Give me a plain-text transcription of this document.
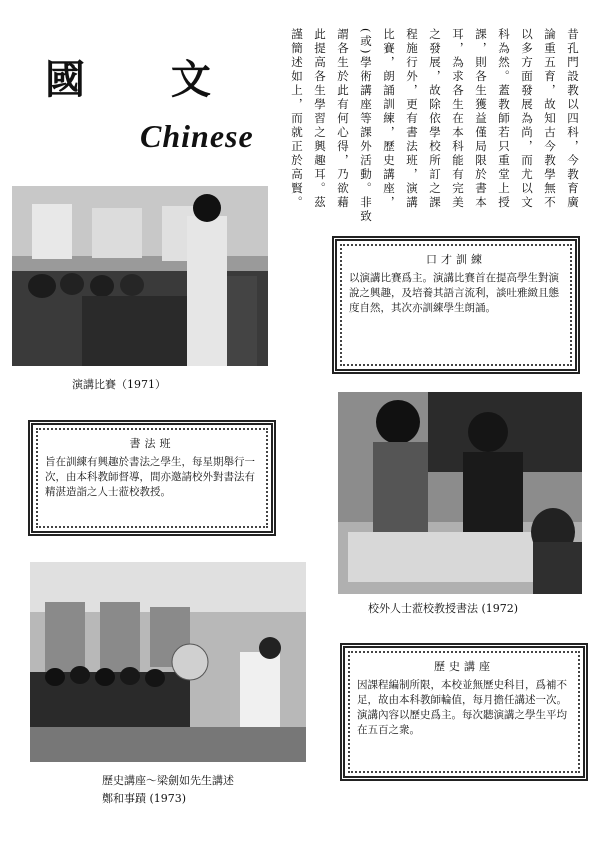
國 文
Chinese	昔孔門設教以四科，今教育廣
論重五育，故知古今教學無不
以多方面發展為尚，而尤以文
科為然。蓋教師若只重堂上授
課，則各生獲益僅局限於書本
耳，為求各生在本科能有完美
之發展，故除依學校所訂之課
程施行外，更有書法班，演講
比賽，朗誦訓練，歷史講座，
(或)學術講座等課外活動。非致
謂各生於此有何心得，乃欲藉
此提高各生學習之興趣耳。茲
謹簡述如上，而就正於高賢。
演講比賽（1971）
口才訓練
以演講比賽爲主。演講比賽首在提高學生對演說之興趣，及培養其語言流利，談吐雅緻且態度自然，其次亦訓練學生朗誦。
書法班
旨在訓練有興趣於書法之學生，每星期舉行一次，由本科教師督導，間亦邀請校外對書法有精湛造詣之人士蒞校教授。
校外人士蒞校教授書法 (1972)
歷史講座～梁劍如先生講述
鄭和事蹟 (1973)
歷史講座
因課程編制所限，本校並無歷史科目，爲補不足，故由本科教師輪值，每月擔任講述一次。演講內容以歷史爲主。每次聽演講之學生平均在五百之衆。
